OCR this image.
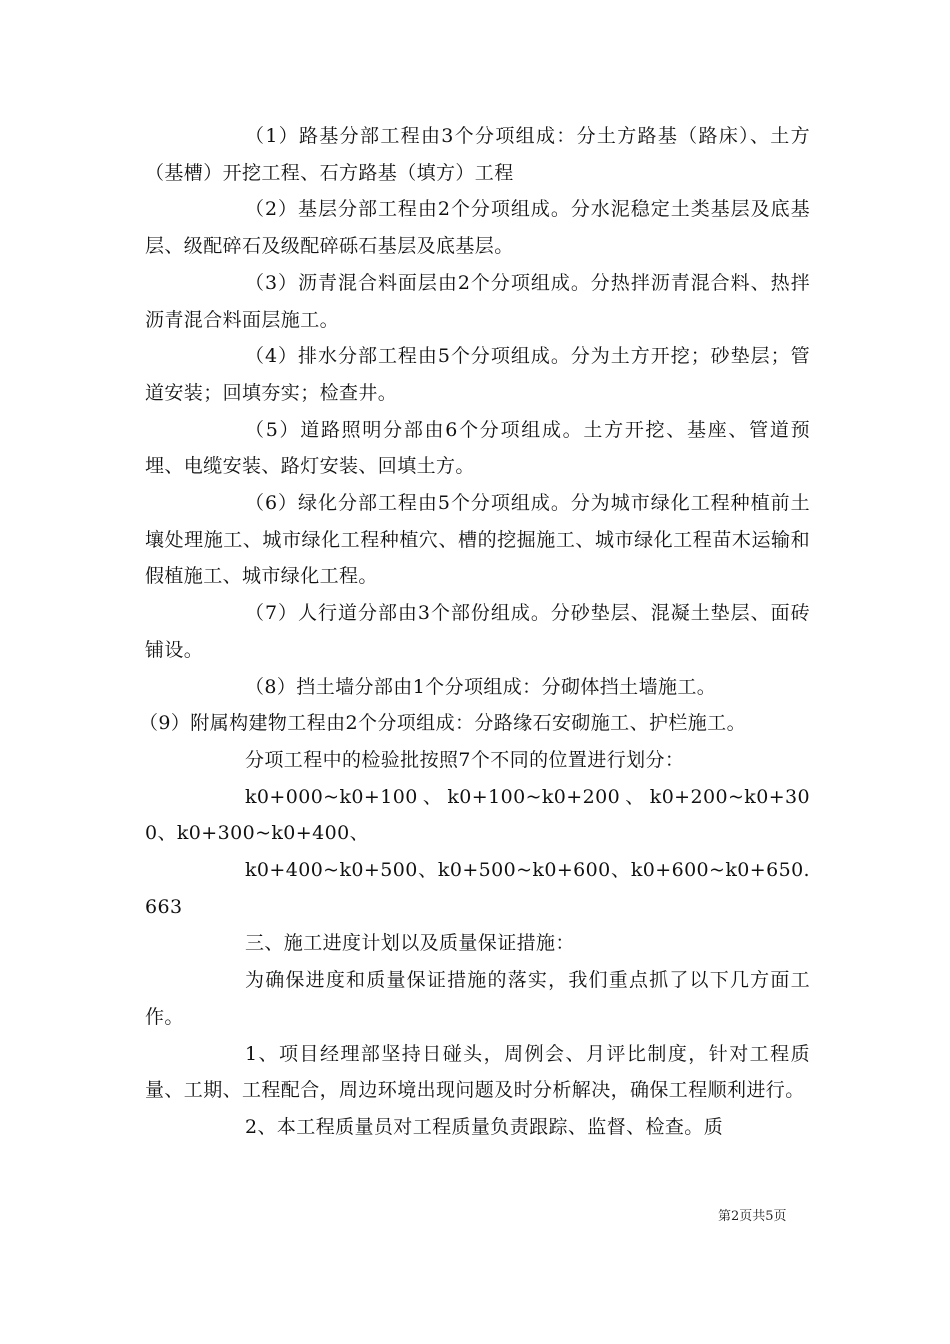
（1）路基分部工程由3个分项组成：分土方路基（路床）、土方（基槽）开挖工程、石方路基（填方）工程

（2）基层分部工程由2个分项组成。分水泥稳定土类基层及底基层、级配碎石及级配碎砾石基层及底基层。

（3）沥青混合料面层由2个分项组成。分热拌沥青混合料、热拌沥青混合料面层施工。

（4）排水分部工程由5个分项组成。分为土方开挖；砂垫层；管道安装；回填夯实；检查井。

（5）道路照明分部由6个分项组成。土方开挖、基座、管道预埋、电缆安装、路灯安装、回填土方。

（6）绿化分部工程由5个分项组成。分为城市绿化工程种植前土壤处理施工、城市绿化工程种植穴、槽的挖掘施工、城市绿化工程苗木运输和假植施工、城市绿化工程。

（7）人行道分部由3个部份组成。分砂垫层、混凝土垫层、面砖铺设。

（8）挡土墙分部由1个分项组成：分砌体挡土墙施工。

（9）附属构建物工程由2个分项组成：分路缘石安砌施工、护栏施工。

分项工程中的检验批按照7个不同的位置进行划分：

k0+000~k0+100、k0+100~k0+200、k0+200~k0+300、k0+300~k0+400、

k0+400~k0+500、k0+500~k0+600、k0+600~k0+650.663

三、施工进度计划以及质量保证措施：

为确保进度和质量保证措施的落实，我们重点抓了以下几方面工作。

1、项目经理部坚持日碰头，周例会、月评比制度，针对工程质量、工期、工程配合，周边环境出现问题及时分析解决，确保工程顺利进行。

2、本工程质量员对工程质量负责跟踪、监督、检查。质

第2页共5页
